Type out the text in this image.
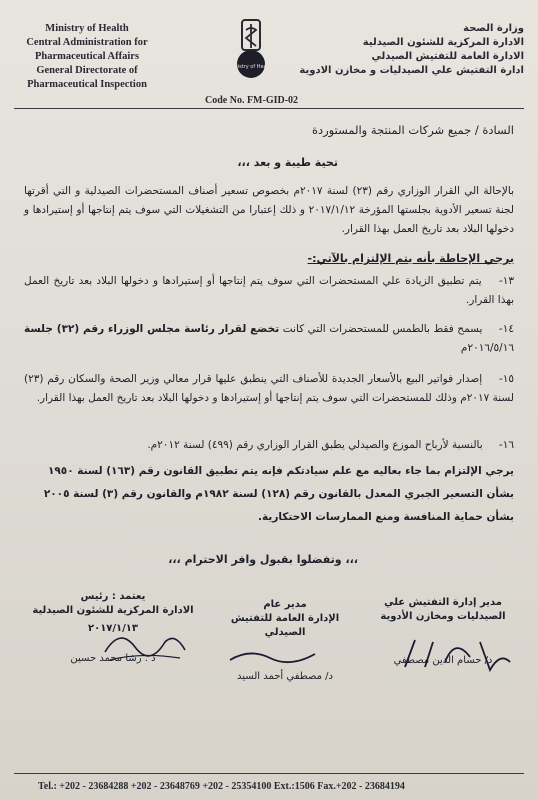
Ministry of Health
Central Administration for
Pharmaceutical Affairs
General Directorate of
Pharmaceutical Inspection
Ministry of Health
وزارة الصحة
الادارة المركزية للشئون الصيدلية
الادارة العامة للتفتيش الصيدلي
ادارة التفتيش علي الصيدليات و مخازن الادوية
Code No. FM-GID-02
السادة / جميع شركات المنتجة والمستوردة
تحية طيبة و بعد ،،،
بالإحالة الي القرار الوزاري رقم (٢٣) لسنة ٢٠١٧م بخصوص تسعير أصناف المستحضرات الصيدلية و التي أقرتها لجنة تسعير الأدوية بجلستها المؤرخة ٢٠١٧/١/١٢ و ذلك إعتبارا من التشغيلات التي سوف يتم إنتاجها أو إستيرادها و دخولها البلاد بعد تاريخ العمل بهذا القرار.
برجي الإحاطة بأنه يتم الإلتزام بالآتي:-
١٣- يتم تطبيق الزيادة علي المستحضرات التي سوف يتم إنتاجها أو إستيرادها و دخولها البلاد بعد تاريخ العمل بهذا القرار.
١٤- يسمح فقط بالطمس للمستحضرات التي كانت تخضع لقرار رئاسة مجلس الوزراء رقم (٣٢) جلسة ٢٠١٦/٥/١٦م
١٥- إصدار فواتير البيع بالأسعار الجديدة للأصناف التي ينطبق عليها قرار معالي وزير الصحة والسكان رقم (٢٣) لسنة ٢٠١٧م وذلك للمستحضرات التي سوف يتم إنتاجها أو إستيرادها و دخولها البلاد بعد تاريخ العمل بهذا القرار.
١٦- بالنسبة لأرباح الموزع والصيدلي يطبق القرار الوزاري رقم (٤٩٩) لسنة ٢٠١٢م.
يرجي الإلتزام بما جاء بعاليه مع علم سيادتكم فإنه يتم تطبيق القانون رقم (١٦٣) لسنة ١٩٥٠ بشأن التسعير الجبري المعدل بالقانون رقم (١٢٨) لسنة ١٩٨٢م والقانون رقم (٣) لسنة ٢٠٠٥ بشأن حماية المنافسة ومنع الممارسات الاحتكارية.
،،، وتفضلوا بقبول وافر الاحترام ،،،
مدير إدارة التفتيش علي
الصيدليات ومخازن الأدوية
د/ حسام الدين مصطفي
مدير عام
الإدارة العامة للتفتيش الصيدلي
د/ مصطفي أحمد السيد
يعتمد : رئيس
الادارة المركزية للشئون الصيدلية
٢٠١٧/١/١٣
د . رشا محمد حسين
Tel.: +202 - 23684288 +202 - 23648769 +202 - 25354100 Ext.:1506 Fax.+202 - 23684194
